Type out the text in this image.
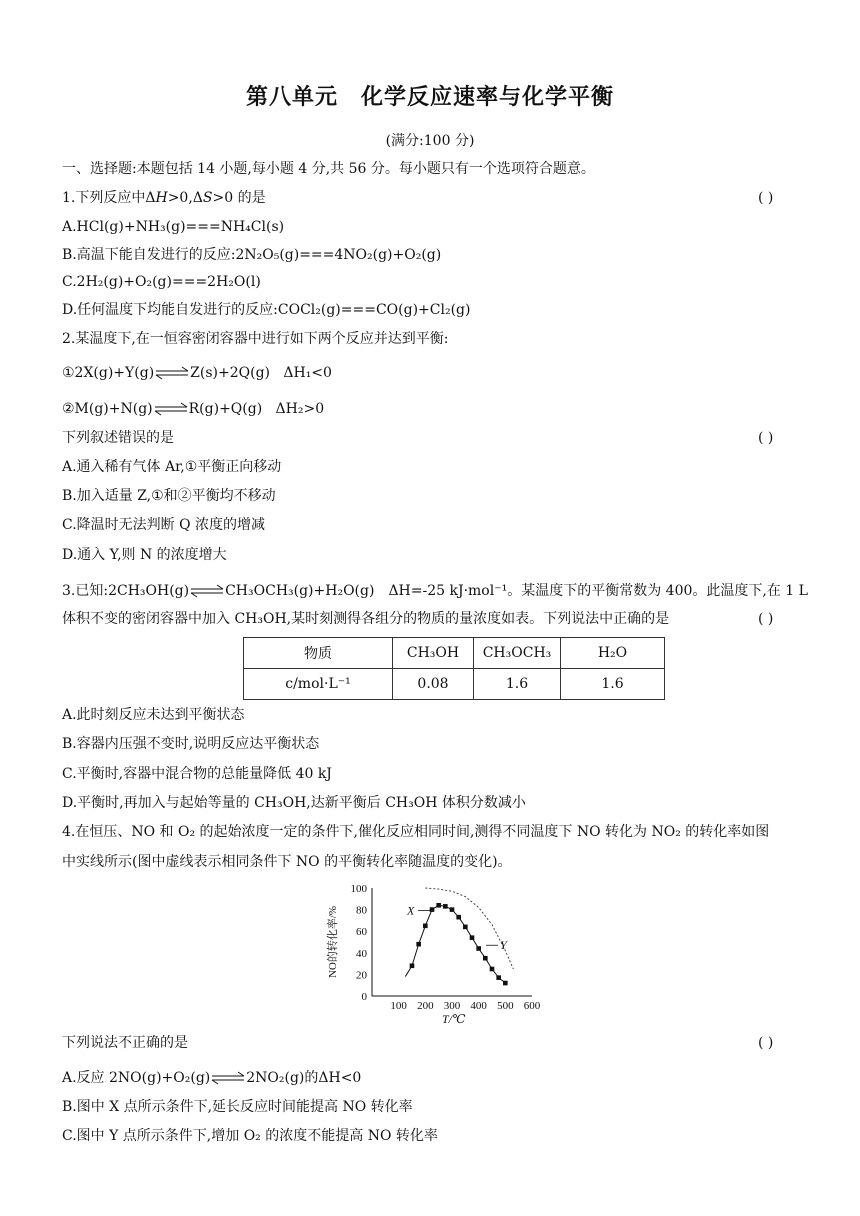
第八单元　化学反应速率与化学平衡
(满分:100 分)
一、选择题:本题包括 14 小题,每小题 4 分,共 56 分。每小题只有一个选项符合题意。
1.下列反应中ΔH>0,ΔS>0 的是	( )
A.HCl(g)+NH₃(g)===NH₄Cl(s)
B.高温下能自发进行的反应:2N₂O₅(g)===4NO₂(g)+O₂(g)
C.2H₂(g)+O₂(g)===2H₂O(l)
D.任何温度下均能自发进行的反应:COCl₂(g)===CO(g)+Cl₂(g)
2.某温度下,在一恒容密闭容器中进行如下两个反应并达到平衡:
①2X(g)+Y(g)⇌Z(s)+2Q(g) ΔH₁<0
②M(g)+N(g)⇌R(g)+Q(g) ΔH₂>0
下列叙述错误的是	( )
A.通入稀有气体 Ar,①平衡正向移动
B.加入适量 Z,①和②平衡均不移动
C.降温时无法判断 Q 浓度的增减
D.通入 Y,则 N 的浓度增大
3.已知:2CH₃OH(g)⇌CH₃OCH₃(g)+H₂O(g)　ΔH=-25 kJ·mol⁻¹。某温度下的平衡常数为 400。此温度下,在 1 L
体积不变的密闭容器中加入 CH₃OH,某时刻测得各组分的物质的量浓度如表。下列说法中正确的是	( )
物质	CH₃OH	CH₃OCH₃	H₂O
c/mol·L⁻¹	0.08	1.6	1.6
A.此时刻反应未达到平衡状态
B.容器内压强不变时,说明反应达平衡状态
C.平衡时,容器中混合物的总能量降低 40 kJ
D.平衡时,再加入与起始等量的 CH₃OH,达新平衡后 CH₃OH 体积分数减小
4.在恒压、NO 和 O₂ 的起始浓度一定的条件下,催化反应相同时间,测得不同温度下 NO 转化为 NO₂ 的转化率如图
中实线所示(图中虚线表示相同条件下 NO 的平衡转化率随温度的变化)。
100 200 300 400 500 600
0
20
40
60
80
100
T/℃
NO的转化率/%	X
Y
下列说法不正确的是	( )
A.反应 2NO(g)+O₂(g)⇌2NO₂(g)的ΔH<0
B.图中 X 点所示条件下,延长反应时间能提高 NO 转化率
C.图中 Y 点所示条件下,增加 O₂ 的浓度不能提高 NO 转化率
